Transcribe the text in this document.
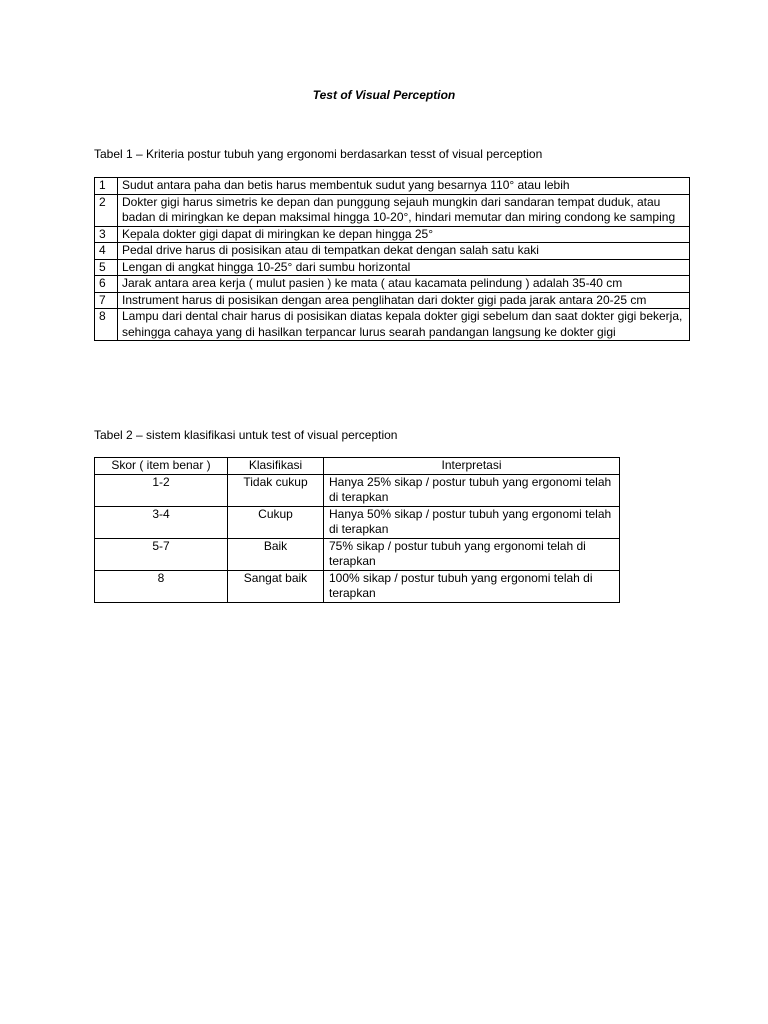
Test of Visual Perception
Tabel 1 – Kriteria postur tubuh yang ergonomi berdasarkan tesst of visual perception
1	Sudut antara paha dan betis harus membentuk sudut yang besarnya 110° atau lebih
2	Dokter gigi harus simetris ke depan dan punggung sejauh mungkin dari sandaran tempat duduk, atau badan di miringkan ke depan maksimal hingga 10-20°, hindari memutar dan miring condong ke samping
3	Kepala dokter gigi dapat di miringkan ke depan hingga 25°
4	Pedal drive harus di posisikan atau di tempatkan dekat dengan salah satu kaki
5	Lengan di angkat hingga 10-25° dari sumbu horizontal
6	Jarak antara area kerja ( mulut pasien ) ke mata ( atau kacamata pelindung ) adalah 35-40 cm
7	Instrument harus di posisikan dengan area penglihatan dari dokter gigi pada jarak antara 20-25 cm
8	Lampu dari dental chair harus di posisikan diatas kepala dokter gigi sebelum dan saat dokter gigi bekerja, sehingga cahaya yang di hasilkan terpancar lurus searah pandangan langsung ke dokter gigi
Tabel 2 – sistem klasifikasi untuk test of visual perception
Skor ( item benar )	Klasifikasi	Interpretasi
1-2	Tidak cukup	Hanya 25% sikap / postur tubuh yang ergonomi telah di terapkan
3-4	Cukup	Hanya 50% sikap / postur tubuh yang ergonomi telah di terapkan
5-7	Baik	75% sikap / postur tubuh yang ergonomi telah di terapkan
8	Sangat baik	100% sikap / postur tubuh yang ergonomi telah di terapkan
